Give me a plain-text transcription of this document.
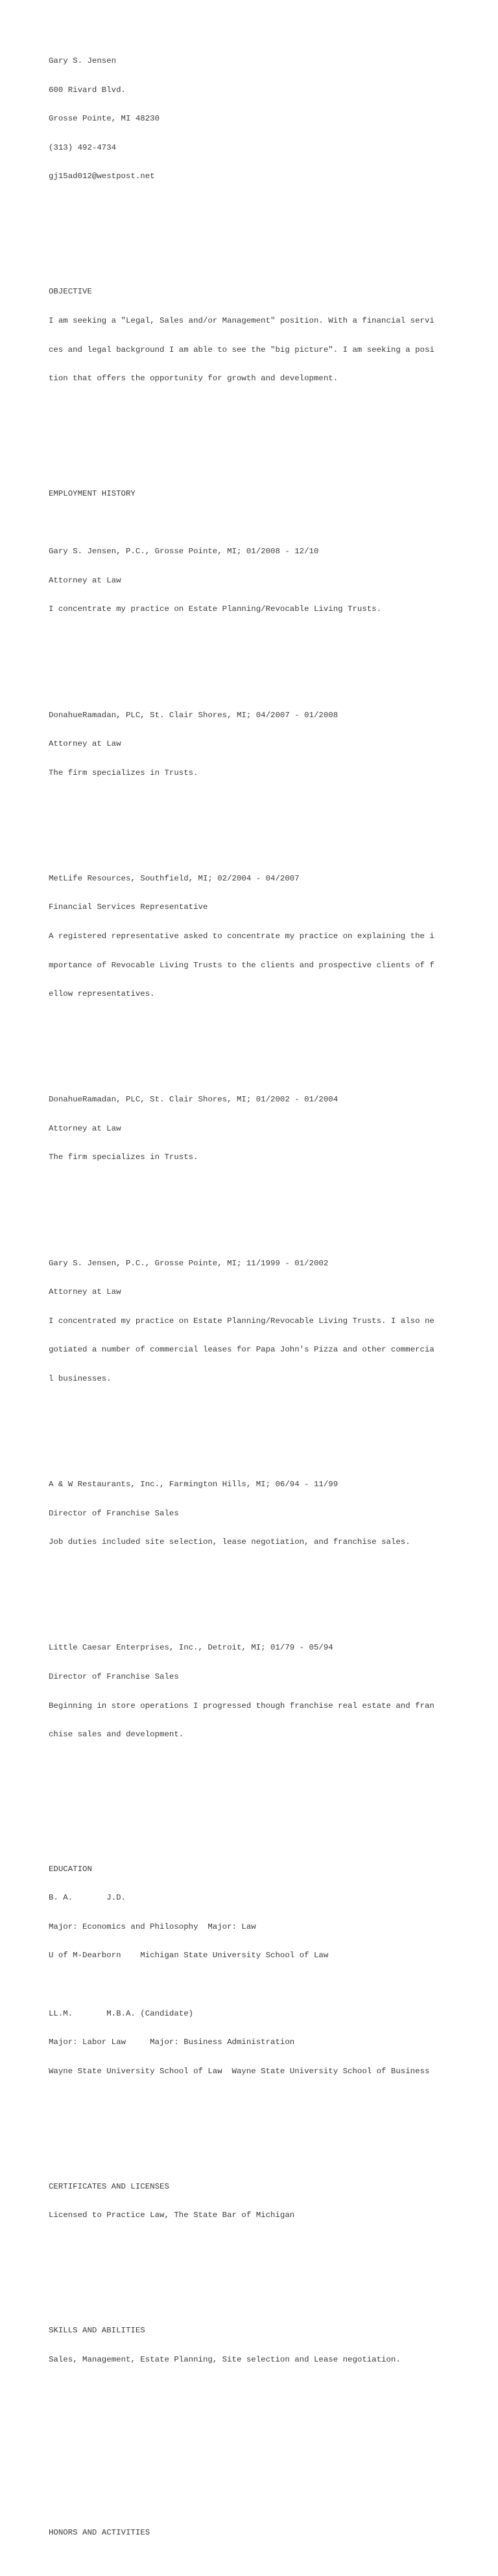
Gary S. Jensen

600 Rivard Blvd.

Grosse Pointe, MI 48230

(313) 492-4734

gj15ad012@westpost.net

OBJECTIVE

I am seeking a "Legal, Sales and/or Management" position. With a financial servi

ces and legal background I am able to see the "big picture". I am seeking a posi

tion that offers the opportunity for growth and development.

EMPLOYMENT HISTORY

Gary S. Jensen, P.C., Grosse Pointe, MI; 01/2008 - 12/10

Attorney at Law

I concentrate my practice on Estate Planning/Revocable Living Trusts.

DonahueRamadan, PLC, St. Clair Shores, MI; 04/2007 - 01/2008

Attorney at Law

The firm specializes in Trusts.

MetLife Resources, Southfield, MI; 02/2004 - 04/2007

Financial Services Representative

A registered representative asked to concentrate my practice on explaining the i

mportance of Revocable Living Trusts to the clients and prospective clients of f

ellow representatives.

DonahueRamadan, PLC, St. Clair Shores, MI; 01/2002 - 01/2004

Attorney at Law

The firm specializes in Trusts.

Gary S. Jensen, P.C., Grosse Pointe, MI; 11/1999 - 01/2002

Attorney at Law

I concentrated my practice on Estate Planning/Revocable Living Trusts. I also ne

gotiated a number of commercial leases for Papa John's Pizza and other commercia

l businesses.

A & W Restaurants, Inc., Farmington Hills, MI; 06/94 - 11/99

Director of Franchise Sales

Job duties included site selection, lease negotiation, and franchise sales.

Little Caesar Enterprises, Inc., Detroit, MI; 01/79 - 05/94

Director of Franchise Sales

Beginning in store operations I progressed though franchise real estate and fran

chise sales and development.

EDUCATION

B. A.       J.D.

Major: Economics and Philosophy  Major: Law

U of M-Dearborn    Michigan State University School of Law

LL.M.       M.B.A. (Candidate)

Major: Labor Law     Major: Business Administration

Wayne State University School of Law  Wayne State University School of Business

CERTIFICATES AND LICENSES

Licensed to Practice Law, The State Bar of Michigan

SKILLS AND ABILITIES

Sales, Management, Estate Planning, Site selection and Lease negotiation.

HONORS AND ACTIVITIES
